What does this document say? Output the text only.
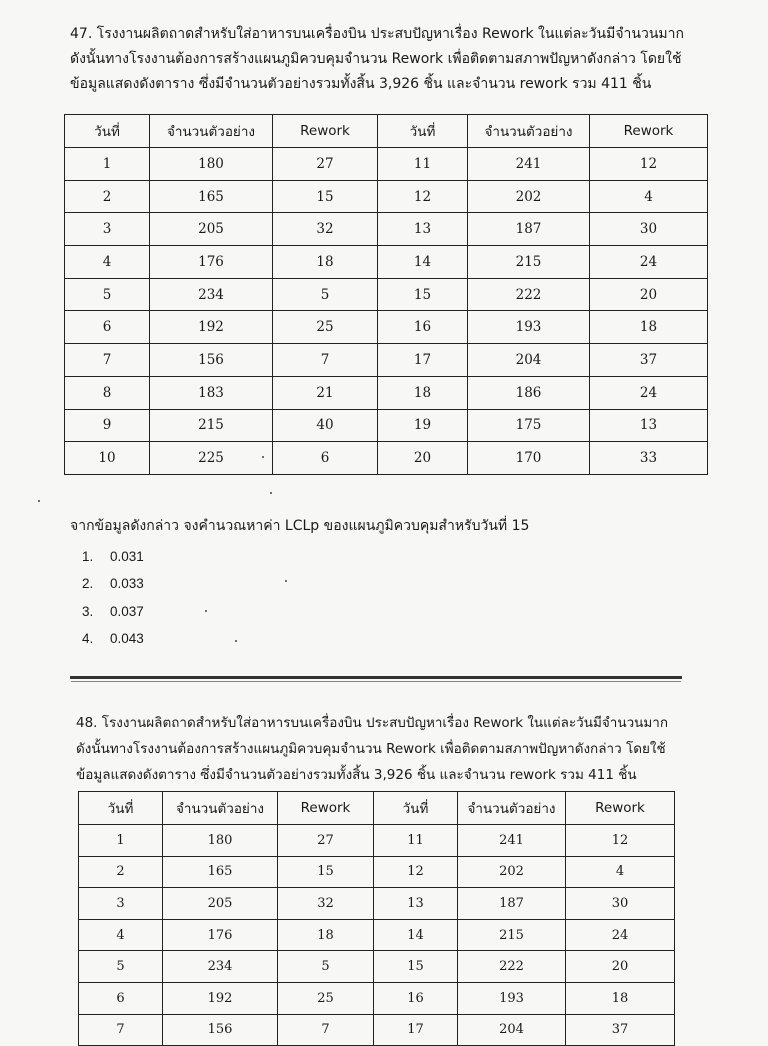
47. โรงงานผลิตถาดสำหรับใส่อาหารบนเครื่องบิน ประสบปัญหาเรื่อง Rework ในแต่ละวันมีจำนวนมาก
ดังนั้นทางโรงงานต้องการสร้างแผนภูมิควบคุมจำนวน Rework เพื่อติดตามสภาพปัญหาดังกล่าว โดยใช้
ข้อมูลแสดงดังตาราง ซึ่งมีจำนวนตัวอย่างรวมทั้งสิ้น 3,926 ชิ้น และจำนวน rework รวม 411 ชิ้น
วันที่	จำนวนตัวอย่าง	Rework	วันที่	จำนวนตัวอย่าง	Rework
1	180	27	11	241	12
2	165	15	12	202	4
3	205	32	13	187	30
4	176	18	14	215	24
5	234	5	15	222	20
6	192	25	16	193	18
7	156	7	17	204	37
8	183	21	18	186	24
9	215	40	19	175	13
10	225	6	20	170	33
จากข้อมูลดังกล่าว จงคำนวณหาค่า LCLp ของแผนภูมิควบคุมสำหรับวันที่ 15
1. 0.031
2. 0.033
3. 0.037
4. 0.043
48. โรงงานผลิตถาดสำหรับใส่อาหารบนเครื่องบิน ประสบปัญหาเรื่อง Rework ในแต่ละวันมีจำนวนมาก
ดังนั้นทางโรงงานต้องการสร้างแผนภูมิควบคุมจำนวน Rework เพื่อติดตามสภาพปัญหาดังกล่าว โดยใช้
ข้อมูลแสดงดังตาราง ซึ่งมีจำนวนตัวอย่างรวมทั้งสิ้น 3,926 ชิ้น และจำนวน rework รวม 411 ชิ้น
วันที่	จำนวนตัวอย่าง	Rework	วันที่	จำนวนตัวอย่าง	Rework
1	180	27	11	241	12
2	165	15	12	202	4
3	205	32	13	187	30
4	176	18	14	215	24
5	234	5	15	222	20
6	192	25	16	193	18
7	156	7	17	204	37
